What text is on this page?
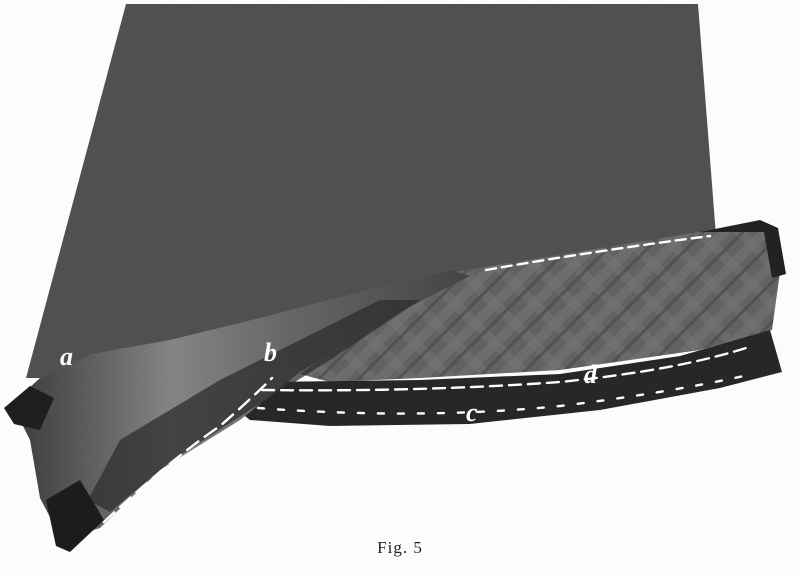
a	b
c
d
Fig. 5
